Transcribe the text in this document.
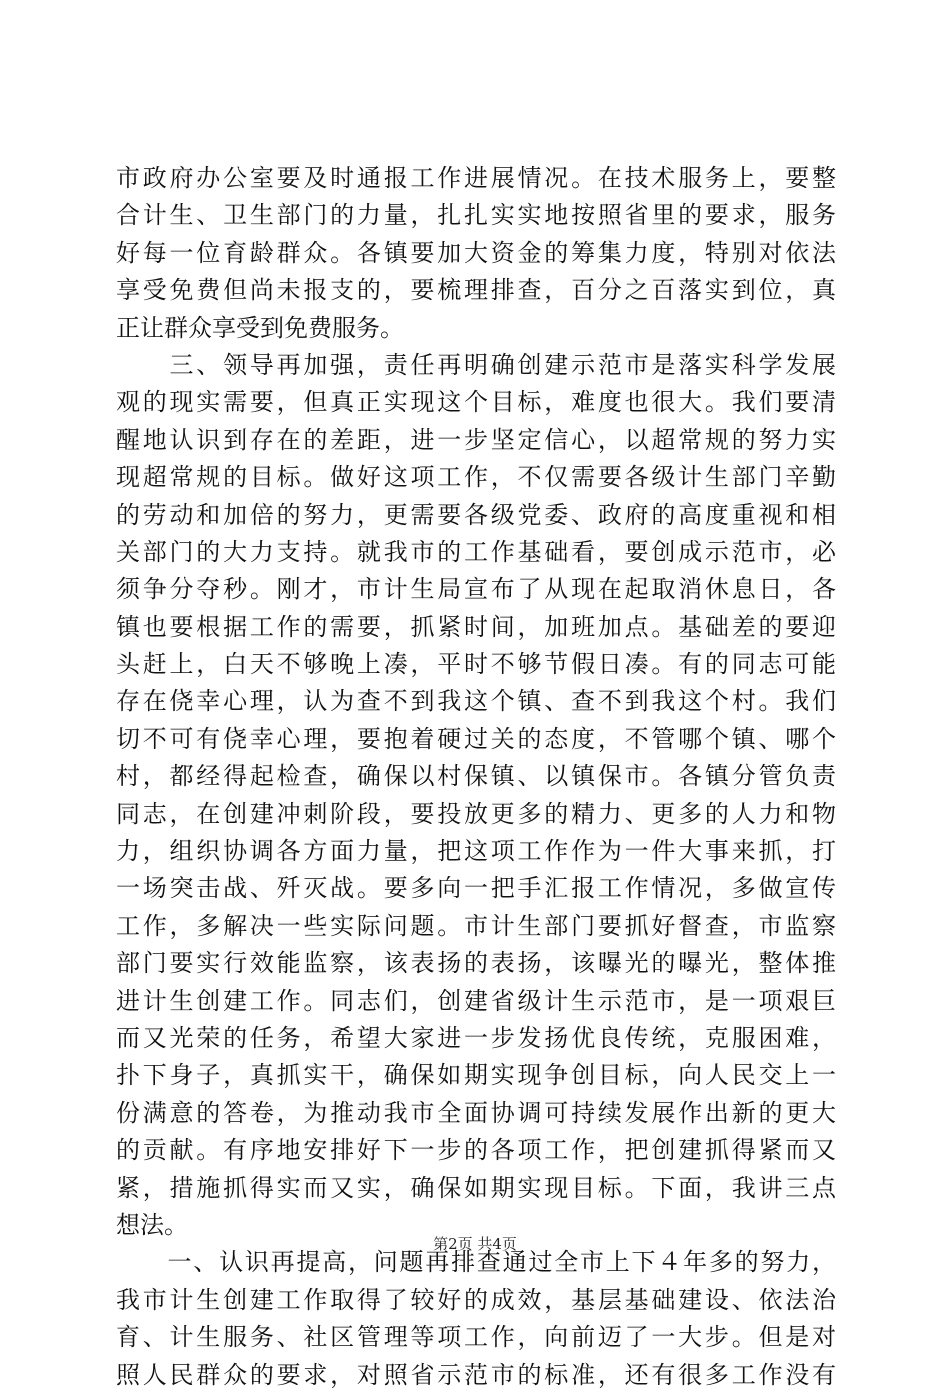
市政府办公室要及时通报工作进展情况。在技术服务上，要整
合计生、卫生部门的力量，扎扎实实地按照省里的要求，服务
好每一位育龄群众。各镇要加大资金的筹集力度，特别对依法
享受免费但尚未报支的，要梳理排查，百分之百落实到位，真
正让群众享受到免费服务。
　　三、领导再加强，责任再明确创建示范市是落实科学发展
观的现实需要，但真正实现这个目标，难度也很大。我们要清
醒地认识到存在的差距，进一步坚定信心，以超常规的努力实
现超常规的目标。做好这项工作，不仅需要各级计生部门辛勤
的劳动和加倍的努力，更需要各级党委、政府的高度重视和相
关部门的大力支持。就我市的工作基础看，要创成示范市，必
须争分夺秒。刚才，市计生局宣布了从现在起取消休息日，各
镇也要根据工作的需要，抓紧时间，加班加点。基础差的要迎
头赶上，白天不够晚上凑，平时不够节假日凑。有的同志可能
存在侥幸心理，认为查不到我这个镇、查不到我这个村。我们
切不可有侥幸心理，要抱着硬过关的态度，不管哪个镇、哪个
村，都经得起检查，确保以村保镇、以镇保市。各镇分管负责
同志，在创建冲刺阶段，要投放更多的精力、更多的人力和物
力，组织协调各方面力量，把这项工作作为一件大事来抓，打
一场突击战、歼灭战。要多向一把手汇报工作情况，多做宣传
工作，多解决一些实际问题。市计生部门要抓好督查，市监察
部门要实行效能监察，该表扬的表扬，该曝光的曝光，整体推
进计生创建工作。同志们，创建省级计生示范市，是一项艰巨
而又光荣的任务，希望大家进一步发扬优良传统，克服困难，
扑下身子，真抓实干，确保如期实现争创目标，向人民交上一
份满意的答卷，为推动我市全面协调可持续发展作出新的更大
的贡献。有序地安排好下一步的各项工作，把创建抓得紧而又
紧，措施抓得实而又实，确保如期实现目标。下面，我讲三点
想法。
　　一、认识再提高，问题再排查通过全市上下４年多的努力，
我市计生创建工作取得了较好的成效，基层基础建设、依法治
育、计生服务、社区管理等项工作，向前迈了一大步。但是对
照人民群众的要求，对照省示范市的标准，还有很多工作没有
第2页 共4页
